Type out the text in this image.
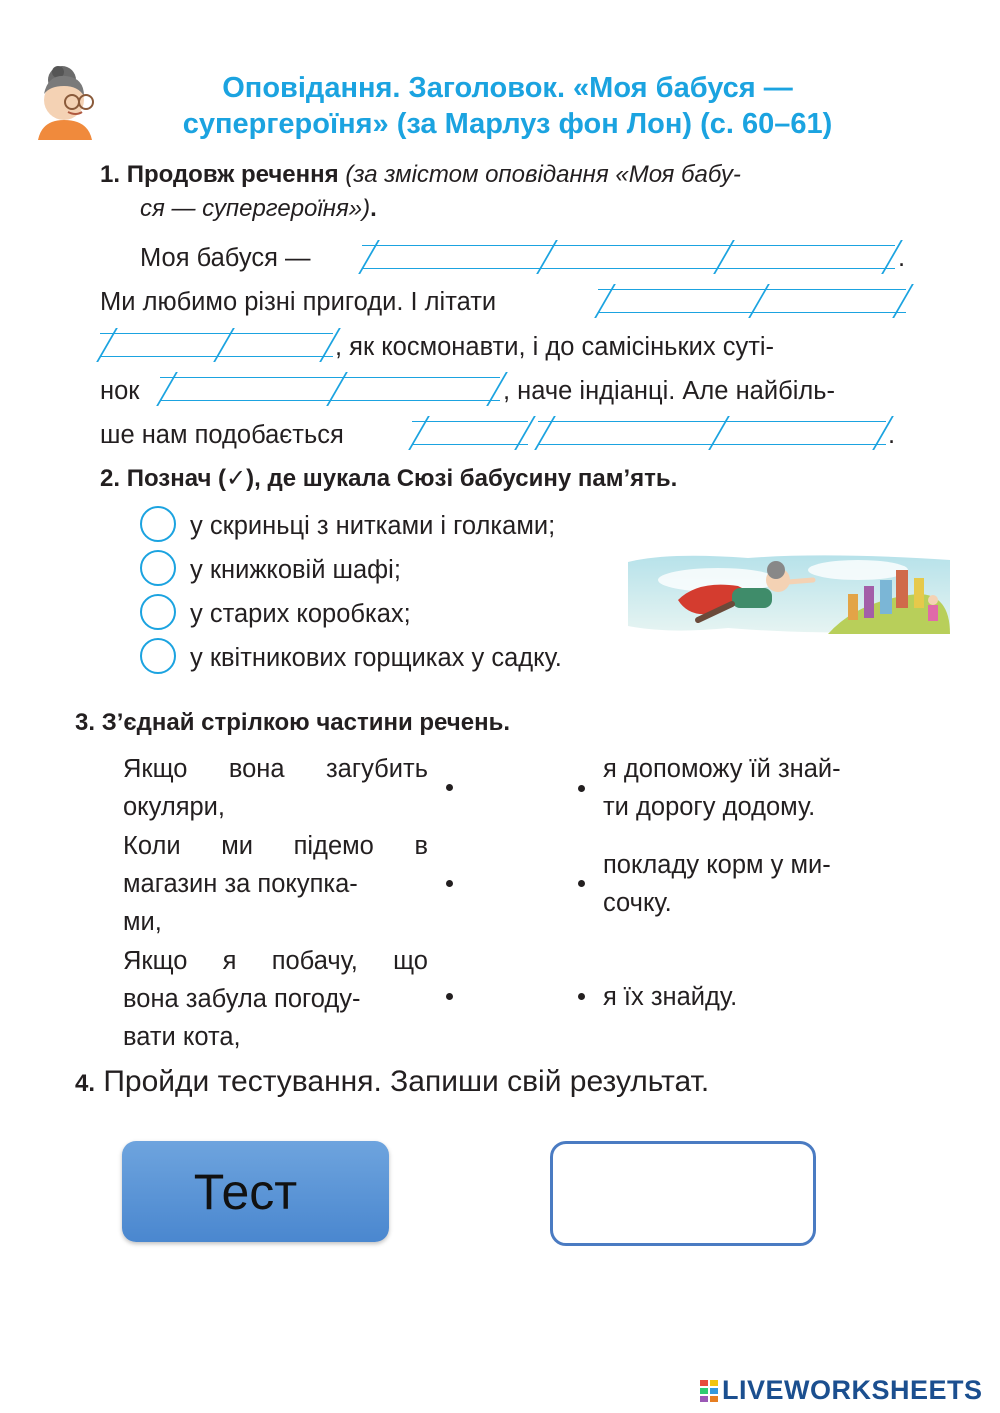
Оповідання. Заголовок. «Моя бабуся —
супергероїня» (за Марлуз фон Лон) (с. 60–61)
1. Продовж речення (за змістом оповідання «Моя бабу-
ся — супергероїня»).
Моя бабуся —	.
Ми любимо різні пригоди. І літати
, як космонавти, і до самісіньких суті-
нок	, наче індіанці. Але найбіль-
ше нам подобається	.
2. Познач (✓), де шукала Сюзі бабусину пам’ять.
у скриньці з нитками і голками;
у книжковій шафі;
у старих коробках;
у квітникових горщиках у садку.
3. З’єднай стрілкою частини речень.
Якщо вона загубить
окуляри,
Коли ми підемо в
магазин за покупка-
ми,
Якщо я побачу, що
вона забула погоду-
вати кота,
я допоможу їй знай-
ти дорогу додому.
покладу корм у ми-
сочку.
я їх знайду.
4. Пройди тестування. Запиши свій результат.
Тест
LIVEWORKSHEETS
